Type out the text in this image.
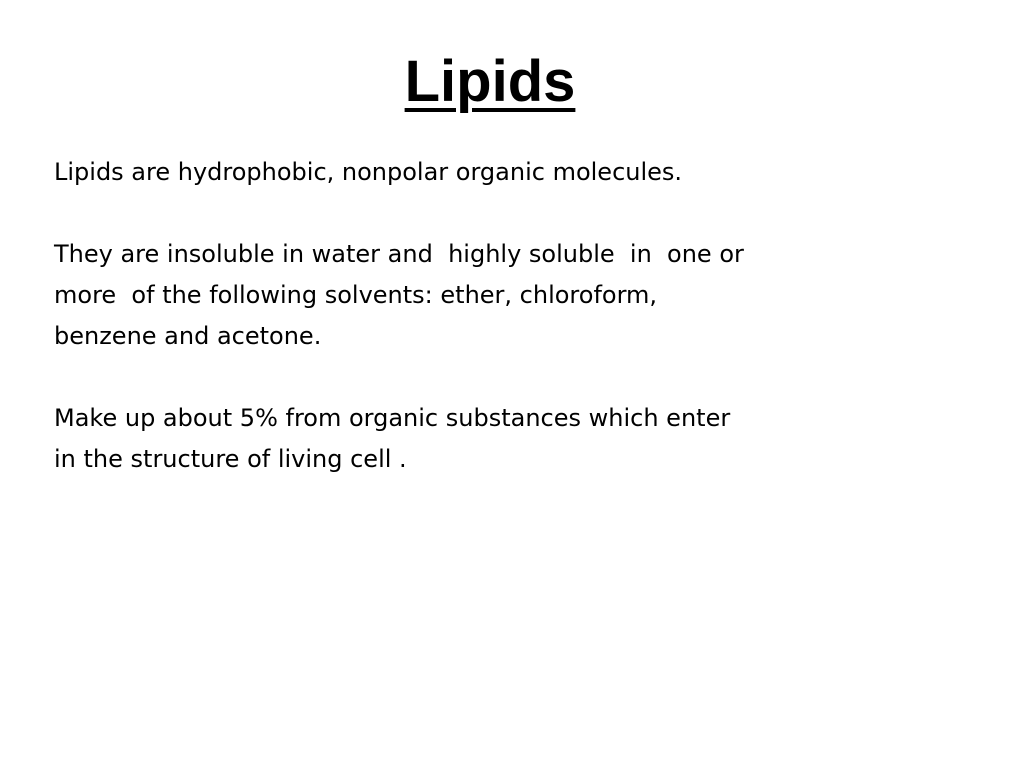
Lipids

Lipids are hydrophobic, nonpolar organic molecules.

They are insoluble in water and  highly soluble  in  one or

more  of the following solvents: ether, chloroform,

benzene and acetone.

Make up about 5% from organic substances which enter

in the structure of living cell .
